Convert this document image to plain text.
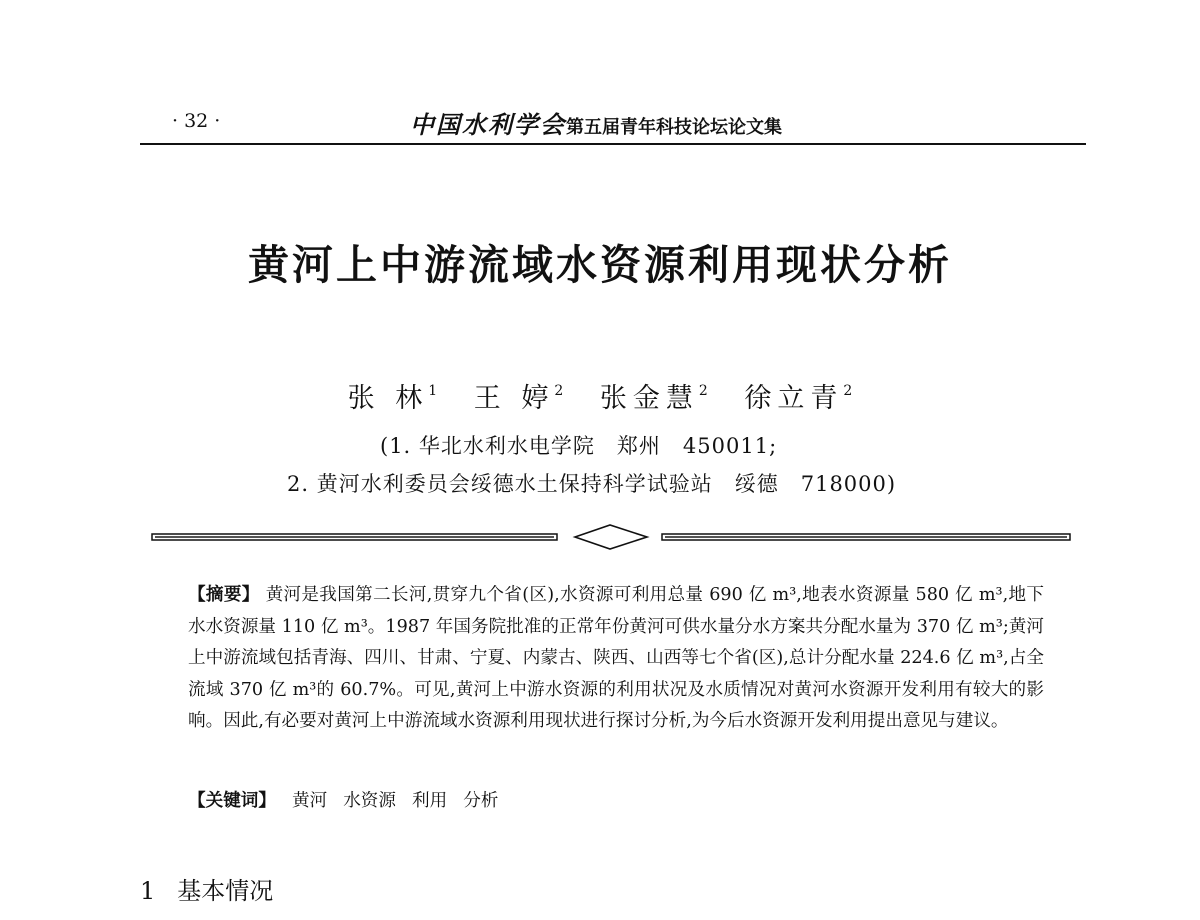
· 32 ·	中国水利学会第五届青年科技论坛论文集
黄河上中游流域水资源利用现状分析
张 林$^1$ 王 婷$^2$ 张金慧$^2$ 徐立青$^2$
(1. 华北水利水电学院 郑州 450011;
2. 黄河水利委员会绥德水土保持科学试验站 绥德 718000)
【摘要】 黄河是我国第二长河,贯穿九个省(区),水资源可利用总量 690 亿 m³,地表水资源量 580 亿 m³,地下水水资源量 110 亿 m³。1987 年国务院批准的正常年份黄河可供水量分水方案共分配水量为 370 亿 m³;黄河上中游流域包括青海、四川、甘肃、宁夏、内蒙古、陕西、山西等七个省(区),总计分配水量 224.6 亿 m³,占全流域 370 亿 m³的 60.7%。可见,黄河上中游水资源的利用状况及水质情况对黄河水资源开发利用有较大的影响。因此,有必要对黄河上中游流域水资源利用现状进行探讨分析,为今后水资源开发利用提出意见与建议。
【关键词】 黄河 水资源 利用 分析
1 基本情况
